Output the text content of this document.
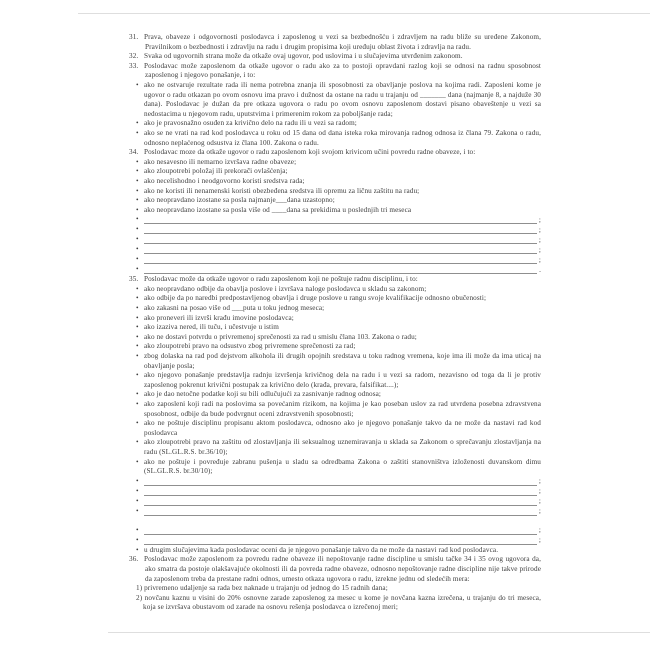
31. Prava, obaveze i odgovornosti poslodavca i zaposlenog u vezi sa bezbednošću i zdravljem na radu bliže su uređene Zakonom, Pravilnikom o bezbednosti i zdravlju na radu i drugim propisima koji uređuju oblast života i zdravlja na radu.
32. Svaka od ugovornih strana može da otkaže ovaj ugovor, pod uslovima i u slučajevima utvrđenim zakonom.
33. Poslodavac može zaposlenom da otkaže ugovor o radu ako za to postoji opravdani razlog koji se odnosi na radnu sposobnost zaposlenog i njegovo ponašanje, i to:
• ako ne ostvaruje rezultate rada ili nema potrebna znanja ili sposobnosti za obavljanje poslova na kojima radi. Zaposleni kome je ugovor o radu otkazan po ovom osnovu ima pravo i dužnost da ostane na radu u trajanju od _______ dana (najmanje 8, a najduže 30 dana). Poslodavac je dužan da pre otkaza ugovora o radu po ovom osnovu zaposlenom dostavi pisano obaveštenje u vezi sa nedostacima u njegovom radu, uputstvima i primerenim rokom za poboljšanje rada;
• ako je pravosnažno osuđen za krivično delo na radu ili u vezi sa radom;
• ako se ne vrati na rad kod poslodavca u roku od 15 dana od dana isteka roka mirovanja radnog odnosa iz člana 79. Zakona o radu, odnosno neplaćenog odsustva iz člana 100. Zakona o radu.
34. Poslodavac moze da otkaže ugovor o radu zaposlenom koji svojom krivicom učini povredu radne obaveze, i to:
• ako nesavesno ili nemarno izvršava radne obaveze;
• ako zloupotrebi položaj ili prekorači ovlašćenja;
• ako necelishodno i neodgovorno koristi sredstva rada;
• ako ne koristi ili nenamenski koristi obezbeđena sredstva ili opremu za ličnu zaštitu na radu;
• ako neopravdano izostane sa posla najmanje___dana uzastopno;
• ako neopravdano izostane sa posla više od ____dana sa prekidima u poslednjih tri meseca
• ;
• ;
• ;
• ;
• ;
• .
35. Poslodavac može da otkaže ugovor o radu zaposlenom koji ne poštuje radnu disciplinu, i to:
• ako neopravdano odbije da obavlja poslove i izvršava naloge poslodavca u skladu sa zakonom;
• ako odbije da po naredbi predpostavljenog obavlja i druge poslove u rangu svoje kvalifikacije odnosno obučenosti;
• ako zakasni na posao više od ___puta u toku jednog meseca;
• ako proneveri ili izvrši krađu imovine poslodavca;
• ako izaziva nered, ili tuču, i učestvuje u istim
• ako ne dostavi potvrdu o privremenoj sprečenosti za rad u smislu člana 103. Zakona o radu;
• ako zloupotrebi pravo na odsustvo zbog privremene sprečenosti za rad;
• zbog dolaska na rad pod dejstvom alkohola ili drugih opojnih sredstava u toku radnog vremena, koje ima ili može da ima uticaj na obavljanje posla;
• ako njegovo ponašanje predstavlja radnju izvršenja krivičnog dela na radu i u vezi sa radom, nezavisno od toga da li je protiv zaposlenog pokrenut krivični postupak za krivično delo (krađa, prevara, falsifikat....);
• ako je dao netočne podatke koji su bili odlučujući za zasnivanje radnog odnosa;
• ako zaposleni koji radi na poslovima sa povećanim rizikom, na kojima je kao poseban uslov za rad utvrdena posebna zdravstvena sposobnost, odbije da bude podvrgnut oceni zdravstvenih sposobnosti;
• ako ne poštuje disciplinu propisanu aktom poslodavca, odnosno ako je njegovo ponašanje takvo da ne može da nastavi rad kod poslodavca
• ako zloupotrebi pravo na zaštitu od zlostavljanja ili seksualnog uznemiravanja u sklada sa Zakonom o sprečavanju zlostavljanja na radu (SL.GL.R.S. br.36/10);
• ako ne poštuje i povređuje zabranu pušenja u sladu sa odredbama Zakona o zaštiti stanovništva izloženosti duvanskom dimu (SL.GL.R.S. br.30/10);
• ;
• ;
• ;
• ;
• ;
• ;
• u drugim slučajevima kada poslodavac oceni da je njegovo ponašanje takvo da ne može da nastavi rad kod poslodavca.
36. Poslodavac može zaposlenom za povredu radne obaveze ili nepoštovanje radne discipline u smislu tačke 34 i 35 ovog ugovora da, ako smatra da postoje olakšavajuće okolnosti ili da povreda radne obaveze, odnosno nepoštovanje radne discipline nije takve prirode da zaposlenom treba da prestane radni odnos, umesto otkaza ugovora o radu, izrekne jednu od sledećih mera:
1) privremeno udaljenje sa rada bez naknade u trajanju od jednog do 15 radnih dana;
2) novčanu kaznu u visini do 20% osnovne zarade zaposlenog za mesec u kome je novčana kazna izrečena, u trajanju do tri meseca, koja se izvršava obustavom od zarade na osnovu rešenja poslodavca o izrečenoj meri;
